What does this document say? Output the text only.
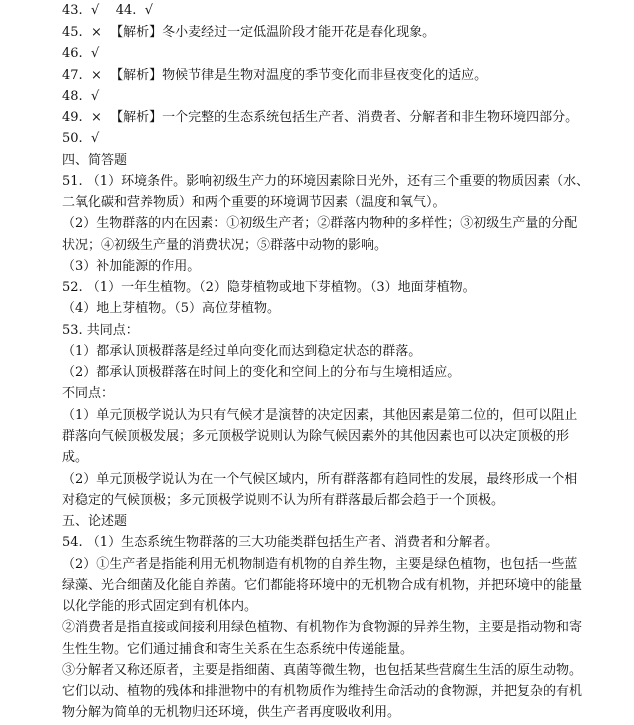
43.  √    44.  √
45.  ×  【解析】冬小麦经过一定低温阶段才能开花是春化现象。
46.  √
47.  ×  【解析】物候节律是生物对温度的季节变化而非昼夜变化的适应。
48.  √
49.  ×  【解析】一个完整的生态系统包括生产者、消费者、分解者和非生物环境四部分。
50.  √
四、简答题
51. （1）环境条件。影响初级生产力的环境因素除日光外，还有三个重要的物质因素（水、
二氧化碳和营养物质）和两个重要的环境调节因素（温度和氧气）。
（2）生物群落的内在因素：①初级生产者；②群落内物种的多样性；③初级生产量的分配
状况；④初级生产量的消费状况；⑤群落中动物的影响。
（3）补加能源的作用。
52. （1）一年生植物。（2）隐芽植物或地下芽植物。（3）地面芽植物。
（4）地上芽植物。（5）高位芽植物。
53. 共同点：
（1）都承认顶极群落是经过单向变化而达到稳定状态的群落。
（2）都承认顶极群落在时间上的变化和空间上的分布与生境相适应。
不同点：
（1）单元顶极学说认为只有气候才是演替的决定因素，其他因素是第二位的，但可以阻止
群落向气候顶极发展；多元顶极学说则认为除气候因素外的其他因素也可以决定顶极的形
成。
（2）单元顶极学说认为在一个气候区域内，所有群落都有趋同性的发展，最终形成一个相
对稳定的气候顶极；多元顶极学说则不认为所有群落最后都会趋于一个顶极。
五、论述题
54. （1）生态系统生物群落的三大功能类群包括生产者、消费者和分解者。
（2）①生产者是指能利用无机物制造有机物的自养生物，主要是绿色植物，也包括一些蓝
绿藻、光合细菌及化能自养菌。它们都能将环境中的无机物合成有机物，并把环境中的能量
以化学能的形式固定到有机体内。
②消费者是指直接或间接利用绿色植物、有机物作为食物源的异养生物，主要是指动物和寄
生性生物。它们通过捕食和寄生关系在生态系统中传递能量。
③分解者又称还原者，主要是指细菌、真菌等微生物，也包括某些营腐生生活的原生动物。
它们以动、植物的残体和排泄物中的有机物质作为维持生命活动的食物源，并把复杂的有机
物分解为简单的无机物归还环境，供生产者再度吸收利用。
